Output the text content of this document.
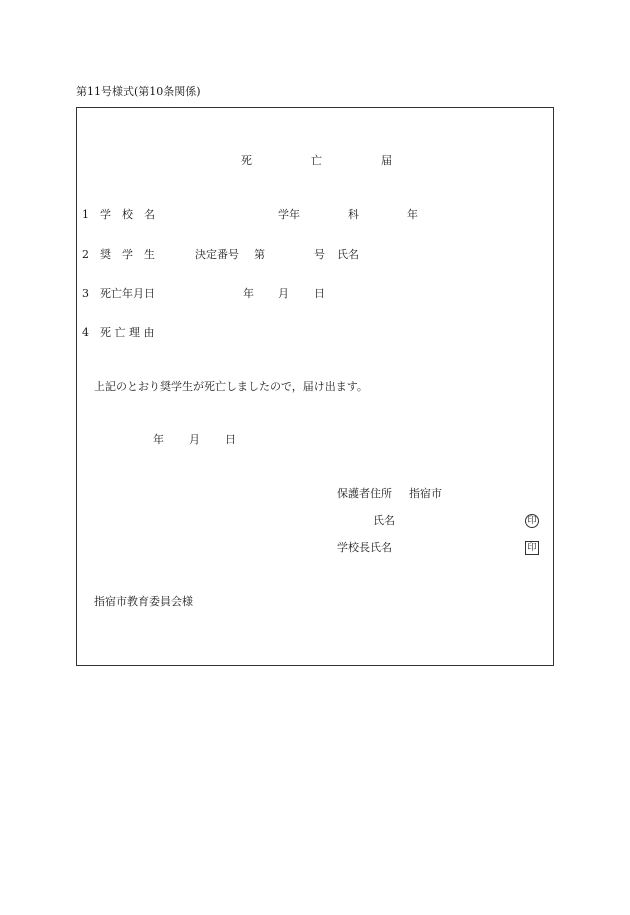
第11号様式(第10条関係)
死	亡	届
1 学　校　名	学年	科	年
2 奨　学　生	決定番号 第	号 氏名
3 死亡年月日	年 月 日
4 死 亡 理 由
上記のとおり奨学生が死亡しましたので，届け出ます。
年 月 日
保護者住所 指宿市
氏名	印
学校長氏名	印
指宿市教育委員会様
